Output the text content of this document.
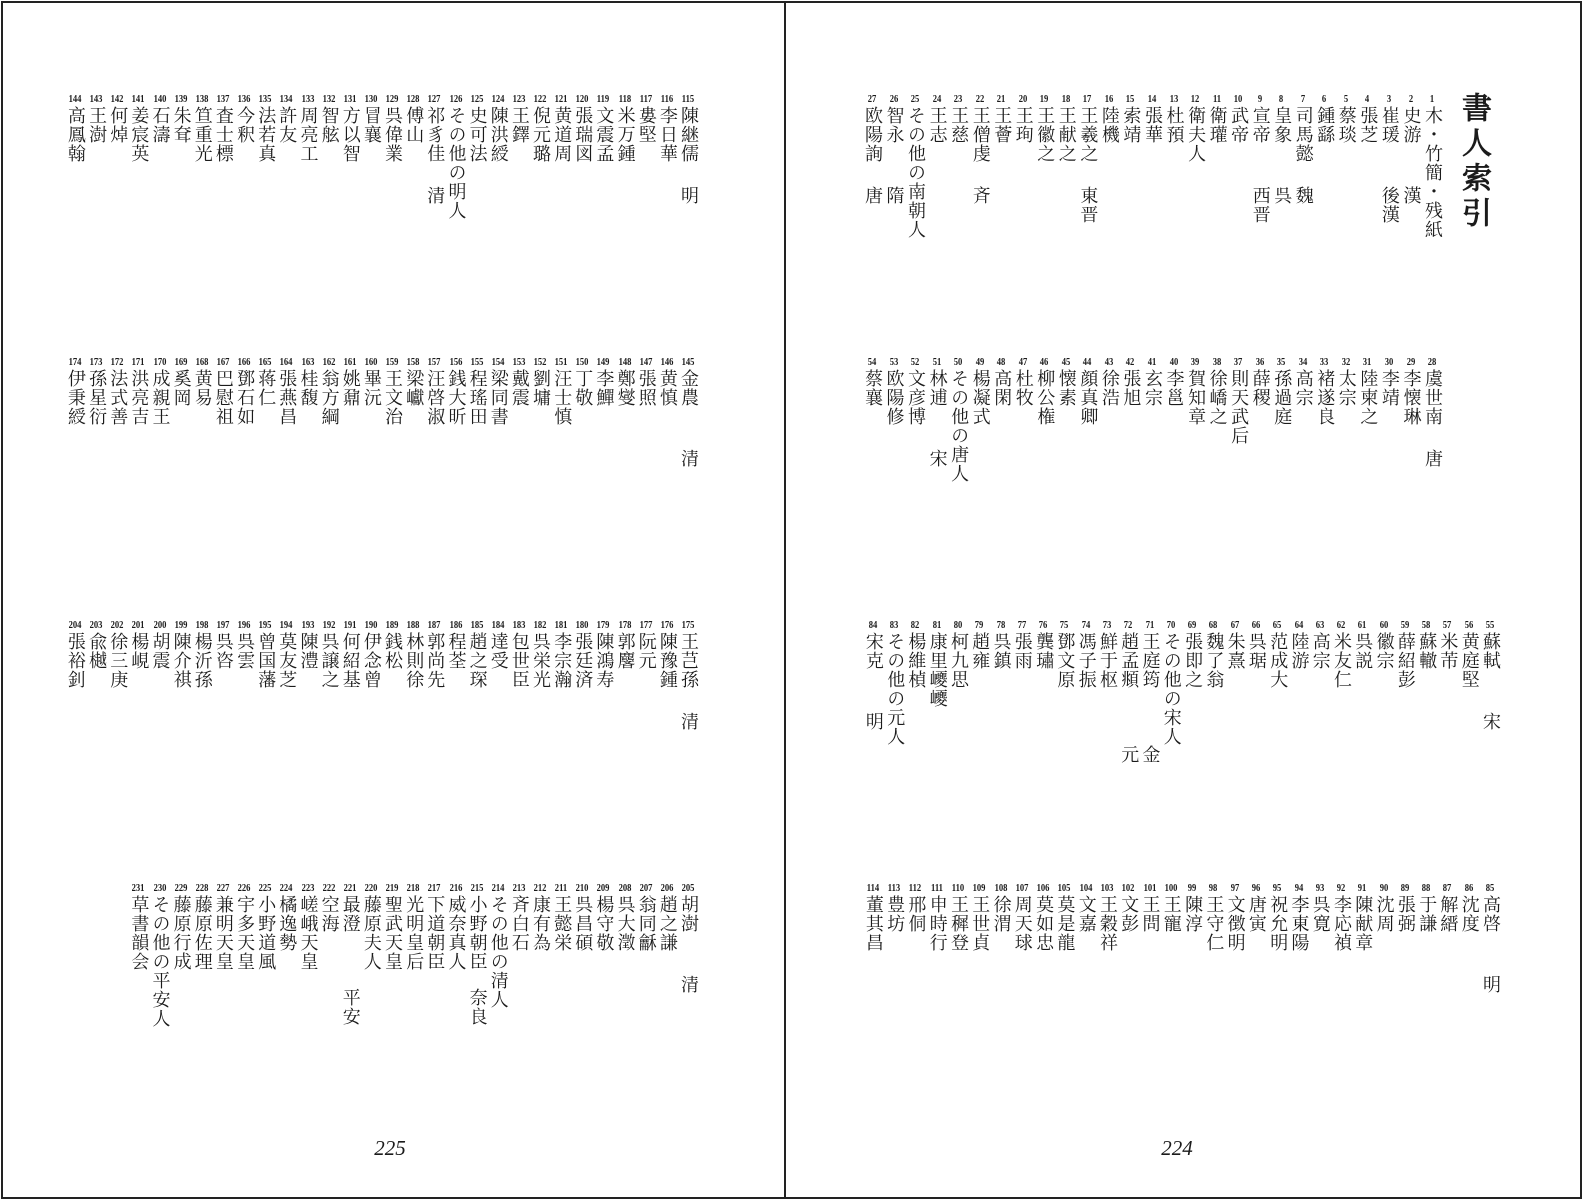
225
115
陳継儒
明
116
李日華
117
婁堅
118
米万鍾
119
文震孟
120
張瑞図
121
黄道周
122
倪元璐
123
王鐸
124
陳洪綬
125
史可法
126
その他の明人
127
祁豸佳
清
128
傅山
129
呉偉業
130
冒襄
131
方以智
132
智舷
133
周亮工
134
許友
135
法若真
136
今釈
137
査士標
138
笪重光
139
朱耷
140
石濤
141
姜宸英
142
何焯
143
王澍
144
高鳳翰
145
金農
清
146
黄慎
147
張照
148
鄭燮
149
李鱓
150
丁敬
151
汪士慎
152
劉墉
153
戴震
154
梁同書
155
程瑤田
156
銭大昕
157
汪啓淑
158
梁巘
159
王文治
160
畢沅
161
姚鼐
162
翁方綱
163
桂馥
164
張燕昌
165
蒋仁
166
鄧石如
167
巴慰祖
168
黄易
169
奚岡
170
成親王
171
洪亮吉
172
法式善
173
孫星衍
174
伊秉綬
175
王芑孫
清
176
陳豫鍾
177
阮元
178
郭麐
179
陳鴻寿
180
張廷済
181
李宗瀚
182
呉栄光
183
包世臣
184
達受
185
趙之琛
186
程荃
187
郭尚先
188
林則徐
189
銭松
190
伊念曾
191
何紹基
192
呉譲之
193
陳澧
194
莫友芝
195
曾国藩
196
呉雲
197
呉咨
198
楊沂孫
199
陳介祺
200
胡震
201
楊峴
202
徐三庚
203
兪樾
204
張裕釗
205
胡澍
清
206
趙之謙
207
翁同龢
208
呉大澂
209
楊守敬
210
呉昌碩
211
王懿栄
212
康有為
213
斉白石
214
その他の清人
215
小野朝臣
奈良
216
威奈真人
217
下道朝臣
218
光明皇后
219
聖武天皇
220
藤原夫人
221
最澄
平安
222
空海
223
嵯峨天皇
224
橘逸勢
225
小野道風
226
宇多天皇
227
兼明天皇
228
藤原佐理
229
藤原行成
230
その他の平安人
231
草書韻会
書人索引
224
1
木・竹簡・残紙
2
史游
漢
3
崔瑗
後漢
4
張芝
5
蔡琰
6
鍾繇
7
司馬懿
魏
8
皇象
呉
9
宣帝
西晋
10
武帝
11
衛瓘
12
衛夫人
13
杜預
14
張華
15
索靖
16
陸機
17
王羲之
東晋
18
王献之
19
王徽之
20
王珣
21
王薈
22
王僧虔
斉
23
王慈
24
王志
25
その他の南朝人
26
智永
隋
27
欧陽詢
唐
28
虞世南
唐
29
李懐琳
30
李靖
31
陸柬之
32
太宗
33
褚遂良
34
高宗
35
孫過庭
36
薛稷
37
則天武后
38
徐嶠之
39
賀知章
40
李邕
41
玄宗
42
張旭
43
徐浩
44
顔真卿
45
懐素
46
柳公権
47
杜牧
48
高閑
49
楊凝式
50
その他の唐人
51
林逋
宋
52
文彦博
53
欧陽修
54
蔡襄
55
蘇軾
宋
56
黄庭堅
57
米芾
58
蘇轍
59
薛紹彭
60
徽宗
61
呉説
62
米友仁
63
高宗
64
陸游
65
范成大
66
呉琚
67
朱熹
68
魏了翁
69
張即之
70
その他の宋人
71
王庭筠
金
72
趙孟頫
元
73
鮮于枢
74
馮子振
75
鄧文原
76
龔璛
77
張雨
78
呉鎮
79
趙雍
80
柯九思
81
康里巎巎
82
楊維楨
83
その他の元人
84
宋克
明
85
高啓
明
86
沈度
87
解縉
88
于謙
89
張弼
90
沈周
91
陳献章
92
李応禎
93
呉寛
94
李東陽
95
祝允明
96
唐寅
97
文徴明
98
王守仁
99
陳淳
100
王寵
101
王問
102
文彭
103
王穀祥
104
文嘉
105
莫是龍
106
莫如忠
107
周天球
108
徐渭
109
王世貞
110
王穉登
111
申時行
112
邢侗
113
豊坊
114
董其昌
